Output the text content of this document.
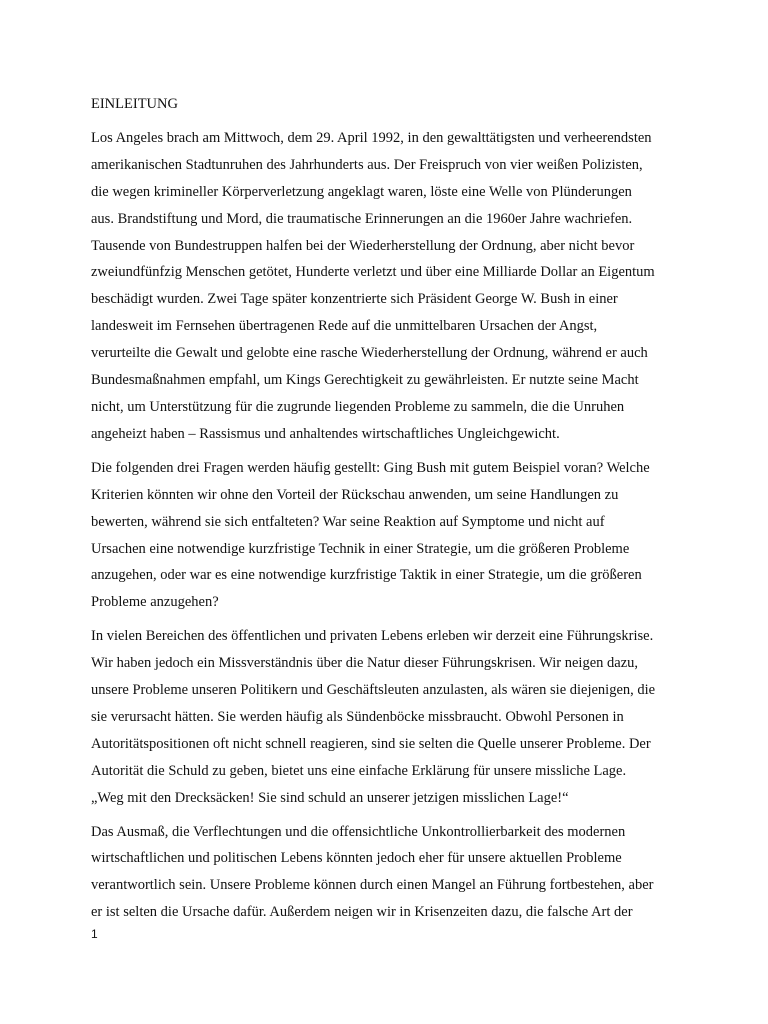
EINLEITUNG
Los Angeles brach am Mittwoch, dem 29. April 1992, in den gewalttätigsten und verheerendsten
amerikanischen Stadtunruhen des Jahrhunderts aus. Der Freispruch von vier weißen Polizisten,
die wegen krimineller Körperverletzung angeklagt waren, löste eine Welle von Plünderungen
aus. Brandstiftung und Mord, die traumatische Erinnerungen an die 1960er Jahre wachriefen.
Tausende von Bundestruppen halfen bei der Wiederherstellung der Ordnung, aber nicht bevor
zweiundfünfzig Menschen getötet, Hunderte verletzt und über eine Milliarde Dollar an Eigentum
beschädigt wurden. Zwei Tage später konzentrierte sich Präsident George W. Bush in einer
landesweit im Fernsehen übertragenen Rede auf die unmittelbaren Ursachen der Angst,
verurteilte die Gewalt und gelobte eine rasche Wiederherstellung der Ordnung, während er auch
Bundesmaßnahmen empfahl, um Kings Gerechtigkeit zu gewährleisten. Er nutzte seine Macht
nicht, um Unterstützung für die zugrunde liegenden Probleme zu sammeln, die die Unruhen
angeheizt haben – Rassismus und anhaltendes wirtschaftliches Ungleichgewicht.
Die folgenden drei Fragen werden häufig gestellt: Ging Bush mit gutem Beispiel voran? Welche
Kriterien könnten wir ohne den Vorteil der Rückschau anwenden, um seine Handlungen zu
bewerten, während sie sich entfalteten? War seine Reaktion auf Symptome und nicht auf
Ursachen eine notwendige kurzfristige Technik in einer Strategie, um die größeren Probleme
anzugehen, oder war es eine notwendige kurzfristige Taktik in einer Strategie, um die größeren
Probleme anzugehen?
In vielen Bereichen des öffentlichen und privaten Lebens erleben wir derzeit eine Führungskrise.
Wir haben jedoch ein Missverständnis über die Natur dieser Führungskrisen. Wir neigen dazu,
unsere Probleme unseren Politikern und Geschäftsleuten anzulasten, als wären sie diejenigen, die
sie verursacht hätten. Sie werden häufig als Sündenböcke missbraucht. Obwohl Personen in
Autoritätspositionen oft nicht schnell reagieren, sind sie selten die Quelle unserer Probleme. Der
Autorität die Schuld zu geben, bietet uns eine einfache Erklärung für unsere missliche Lage.
„Weg mit den Drecksäcken! Sie sind schuld an unserer jetzigen misslichen Lage!“
Das Ausmaß, die Verflechtungen und die offensichtliche Unkontrollierbarkeit des modernen
wirtschaftlichen und politischen Lebens könnten jedoch eher für unsere aktuellen Probleme
verantwortlich sein. Unsere Probleme können durch einen Mangel an Führung fortbestehen, aber
er ist selten die Ursache dafür. Außerdem neigen wir in Krisenzeiten dazu, die falsche Art der
1
